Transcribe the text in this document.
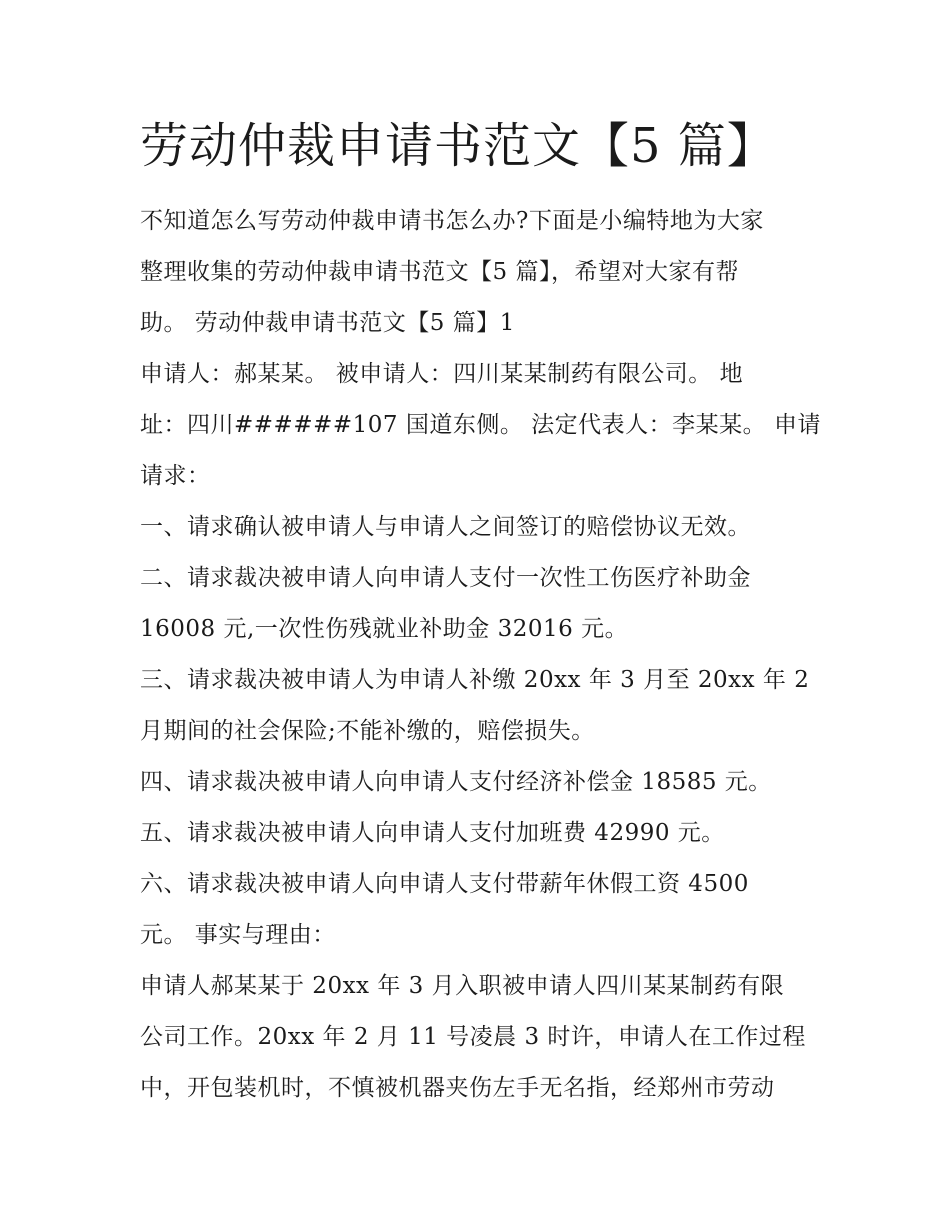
劳动仲裁申请书范文【5 篇】
不知道怎么写劳动仲裁申请书怎么办?下面是小编特地为大家
整理收集的劳动仲裁申请书范文【5 篇】，希望对大家有帮
助。 劳动仲裁申请书范文【5 篇】1
申请人：郝某某。 被申请人：四川某某制药有限公司。 地
址：四川######107 国道东侧。 法定代表人：李某某。 申请
请求：
一、请求确认被申请人与申请人之间签订的赔偿协议无效。
二、请求裁决被申请人向申请人支付一次性工伤医疗补助金
16008 元,一次性伤残就业补助金 32016 元。
三、请求裁决被申请人为申请人补缴 20xx 年 3 月至 20xx 年 2
月期间的社会保险;不能补缴的，赔偿损失。
四、请求裁决被申请人向申请人支付经济补偿金 18585 元。
五、请求裁决被申请人向申请人支付加班费 42990 元。
六、请求裁决被申请人向申请人支付带薪年休假工资 4500
元。 事实与理由：
申请人郝某某于 20xx 年 3 月入职被申请人四川某某制药有限
公司工作。20xx 年 2 月 11 号凌晨 3 时许，申请人在工作过程
中，开包装机时，不慎被机器夹伤左手无名指，经郑州市劳动
